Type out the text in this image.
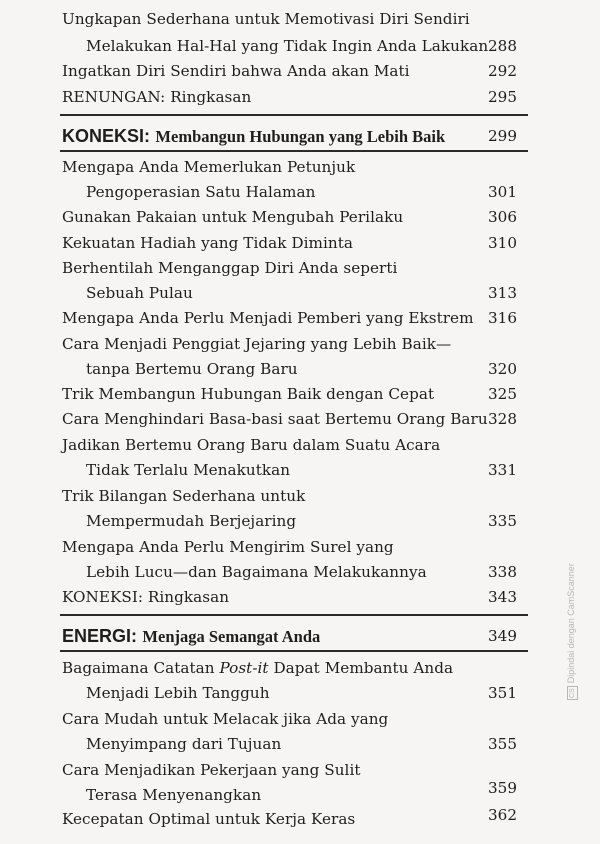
Ungkapan Sederhana untuk Memotivasi Diri Sendiri
Melakukan Hal-Hal yang Tidak Ingin Anda Lakukan 288
Ingatkan Diri Sendiri bahwa Anda akan Mati	292
RENUNGAN: Ringkasan	295
KONEKSI: Membangun Hubungan yang Lebih Baik	299
Mengapa Anda Memerlukan Petunjuk
Pengoperasian Satu Halaman	301
Gunakan Pakaian untuk Mengubah Perilaku	306
Kekuatan Hadiah yang Tidak Diminta	310
Berhentilah Menganggap Diri Anda seperti
Sebuah Pulau	313
Mengapa Anda Perlu Menjadi Pemberi yang Ekstrem 316
Cara Menjadi Penggiat Jejaring yang Lebih Baik—
tanpa Bertemu Orang Baru	320
Trik Membangun Hubungan Baik dengan Cepat	325
Cara Menghindari Basa-basi saat Bertemu Orang Baru 328
Jadikan Bertemu Orang Baru dalam Suatu Acara
Tidak Terlalu Menakutkan	331
Trik Bilangan Sederhana untuk
Mempermudah Berjejaring	335
Mengapa Anda Perlu Mengirim Surel yang
Lebih Lucu—dan Bagaimana Melakukannya	338
KONEKSI: Ringkasan	343
ENERGI: Menjaga Semangat Anda	349
Bagaimana Catatan Post-it Dapat Membantu Anda
Menjadi Lebih Tangguh	351
Cara Mudah untuk Melacak jika Ada yang
Menyimpang dari Tujuan	355
Cara Menjadikan Pekerjaan yang Sulit
Terasa Menyenangkan	359
Kecepatan Optimal untuk Kerja Keras	362
CSDipindai dengan CamScanner
